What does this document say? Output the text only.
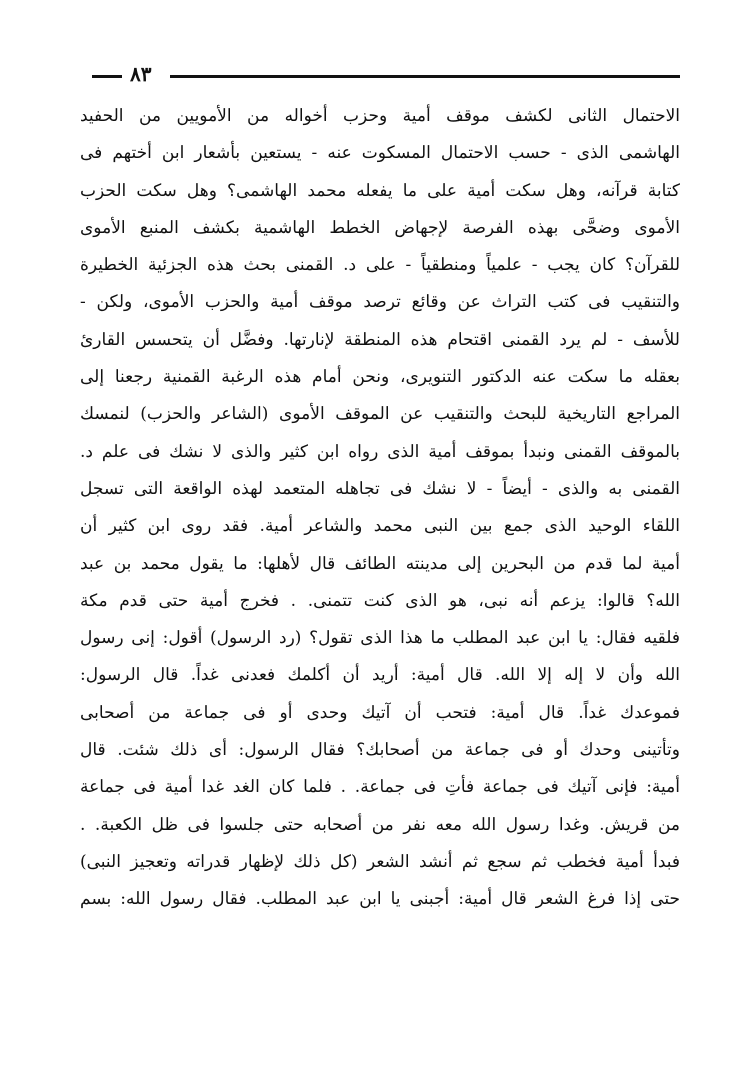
٨٣
الاحتمال الثانى لكشف موقف أمية وحزب أخواله من الأمويين من الحفيد
الهاشمى الذى - حسب الاحتمال المسكوت عنه - يستعين بأشعار ابن أختهم فى
كتابة قرآنه، وهل سكت أمية على ما يفعله محمد الهاشمى؟ وهل سكت الحزب
الأموى وضحَّى بهذه الفرصة لإجهاض الخطط الهاشمية بكشف المنبع الأموى
للقرآن؟ كان يجب - علمياً ومنطقياً - على د. القمنى بحث هذه الجزئية الخطيرة
والتنقيب فى كتب التراث عن وقائع ترصد موقف أمية والحزب الأموى، ولكن -
للأسف - لم يرد القمنى اقتحام هذه المنطقة لإنارتها. وفضَّل أن يتحسس القارئ
بعقله ما سكت عنه الدكتور التنويرى، ونحن أمام هذه الرغبة القمنية رجعنا إلى
المراجع التاريخية للبحث والتنقيب عن الموقف الأموى (الشاعر والحزب) لنمسك
بالموقف القمنى ونبدأ بموقف أمية الذى رواه ابن كثير والذى لا نشك فى علم د.
القمنى به والذى - أيضاً - لا نشك فى تجاهله المتعمد لهذه الواقعة التى تسجل
اللقاء الوحيد الذى جمع بين النبى محمد والشاعر أمية. فقد روى ابن كثير أن
أمية لما قدم من البحرين إلى مدينته الطائف قال لأهلها: ما يقول محمد بن عبد
الله؟ قالوا: يزعم أنه نبى، هو الذى كنت تتمنى. . فخرج أمية حتى قدم مكة
فلقيه فقال: يا ابن عبد المطلب ما هذا الذى تقول؟ (رد الرسول) أقول: إنى رسول
الله وأن لا إله إلا الله. قال أمية: أريد أن أكلمك فعدنى غداً. قال الرسول:
فموعدك غداً. قال أمية: فتحب أن آتيك وحدى أو فى جماعة من أصحابى
وتأتينى وحدك أو فى جماعة من أصحابك؟ فقال الرسول: أى ذلك شئت. قال
أمية: فإنى آتيك فى جماعة فأتِ فى جماعة. . فلما كان الغد غدا أمية فى جماعة
من قريش. وغدا رسول الله معه نفر من أصحابه حتى جلسوا فى ظل الكعبة. .
فبدأ أمية فخطب ثم سجع ثم أنشد الشعر (كل ذلك لإظهار قدراته وتعجيز النبى)
حتى إذا فرغ الشعر قال أمية: أجبنى يا ابن عبد المطلب. فقال رسول الله: بسم
